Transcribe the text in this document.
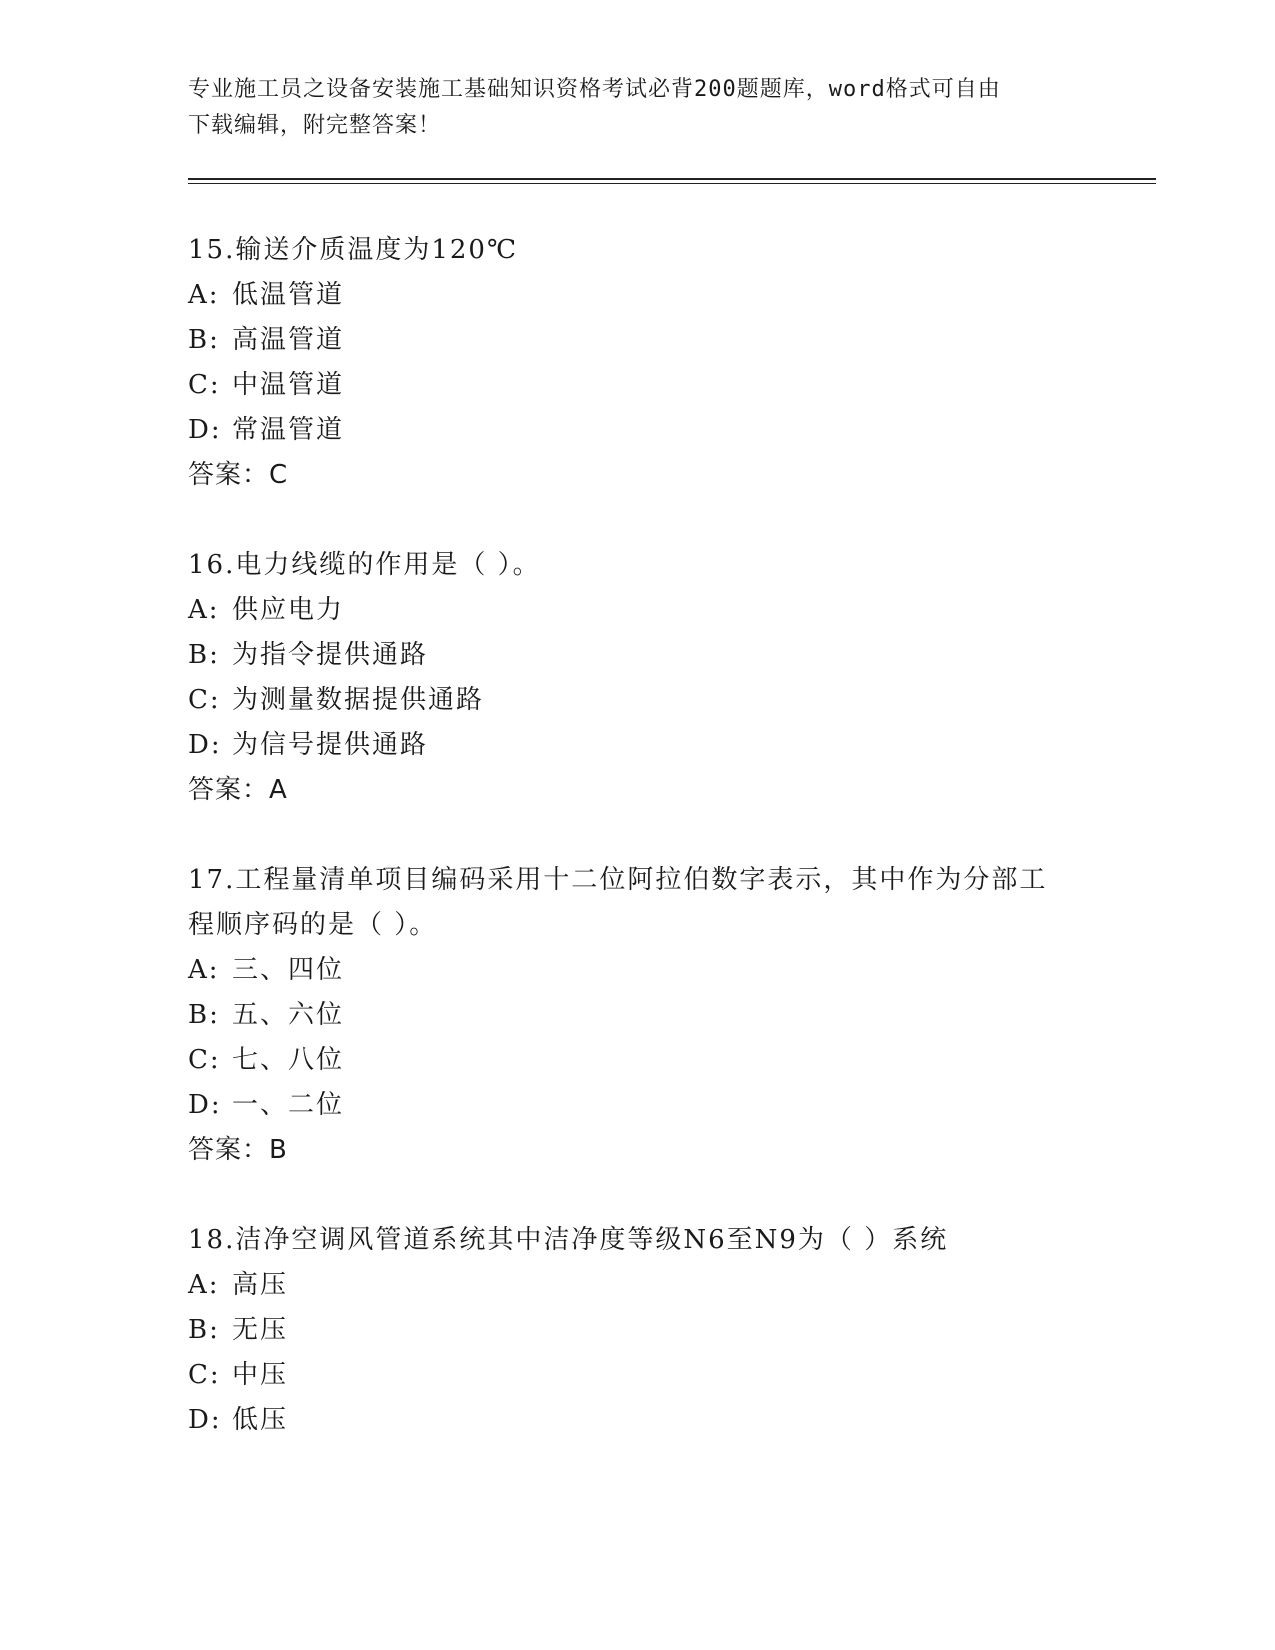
专业施工员之设备安装施工基础知识资格考试必背200题题库，word格式可自由
下载编辑，附完整答案！

15.输送介质温度为120℃

A: 低温管道

B: 高温管道

C: 中温管道

D: 常温管道

答案：C

16.电力线缆的作用是（ ）。

A: 供应电力

B: 为指令提供通路

C: 为测量数据提供通路

D: 为信号提供通路

答案：A

17.工程量清单项目编码采用十二位阿拉伯数字表示，其中作为分部工程顺序码的是（ ）。

A: 三、四位

B: 五、六位

C: 七、八位

D: 一、二位

答案：B

18.洁净空调风管道系统其中洁净度等级N6至N9为（ ）系统

A: 高压

B: 无压

C: 中压

D: 低压
